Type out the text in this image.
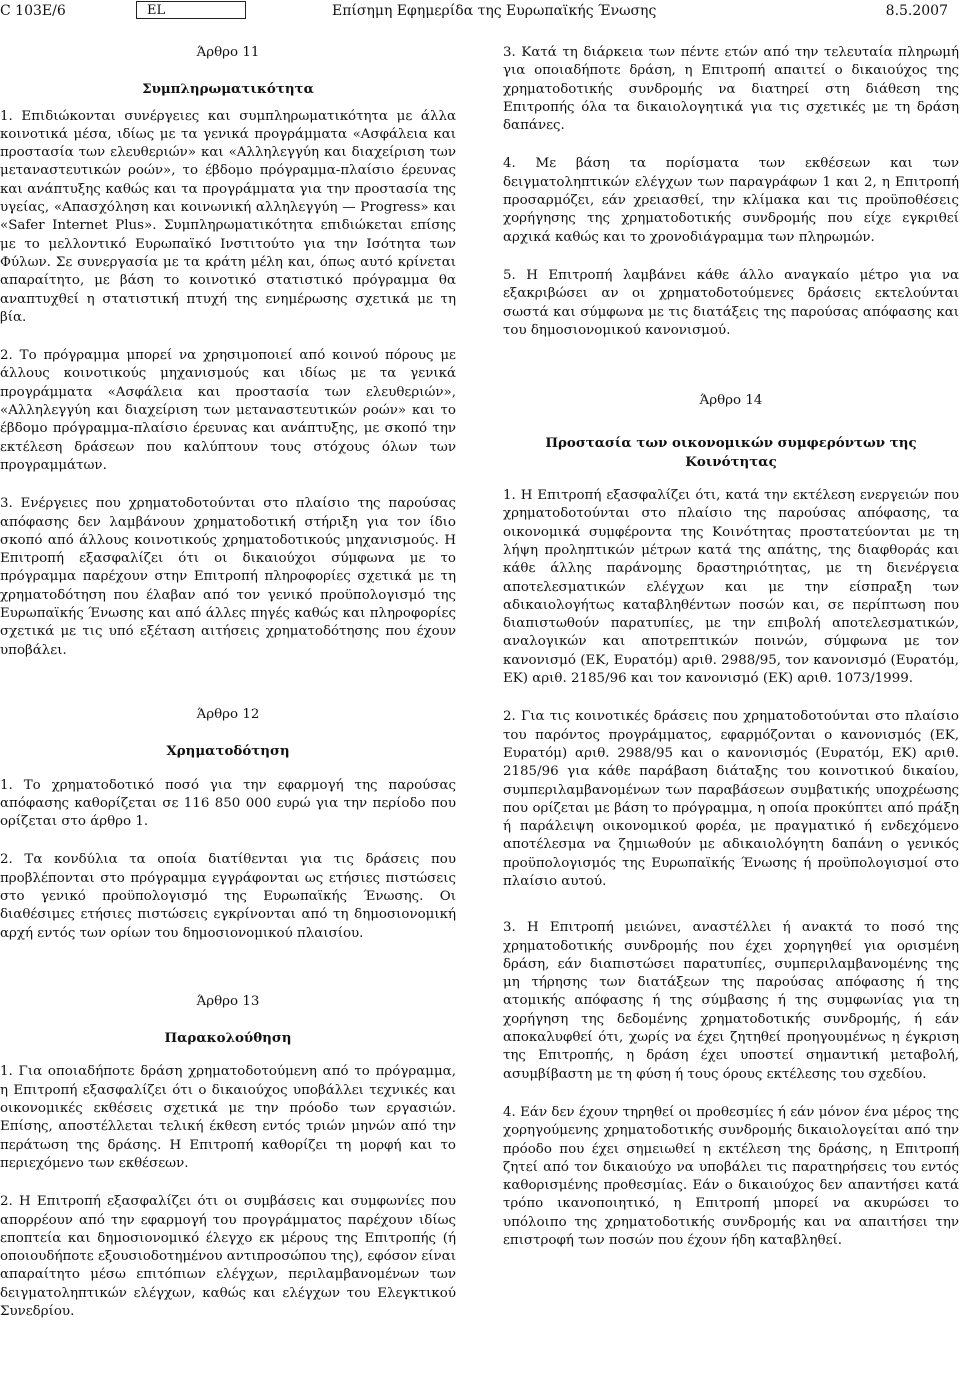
C 103E/6	EL	Επίσημη Εφημερίδα της Ευρωπαϊκής Ένωσης	8.5.2007

Άρθρο 11

Συμπληρωματικότητα

1. Επιδιώκονται συνέργειες και συμπληρωματικότητα με άλλα κοινοτικά μέσα, ιδίως με τα γενικά προγράμματα «Ασφάλεια και προστασία των ελευθεριών» και «Αλληλεγγύη και διαχείριση των μεταναστευτικών ροών», το έβδομο πρόγραμμα-πλαίσιο έρευνας και ανάπτυξης καθώς και τα προγράμματα για την προστασία της υγείας, «Απασχόληση και κοινωνική αλληλεγγύη — Progress» και «Safer Internet Plus». Συμπληρωματικότητα επιδιώκεται επίσης με το μελλοντικό Ευρωπαϊκό Ινστιτούτο για την Ισότητα των Φύλων. Σε συνεργασία με τα κράτη μέλη και, όπως αυτό κρίνεται απαραίτητο, με βάση το κοινοτικό στατιστικό πρόγραμμα θα αναπτυχθεί η στατιστική πτυχή της ενημέρωσης σχετικά με τη βία.

2. Το πρόγραμμα μπορεί να χρησιμοποιεί από κοινού πόρους με άλλους κοινοτικούς μηχανισμούς και ιδίως με τα γενικά προγράμματα «Ασφάλεια και προστασία των ελευθεριών», «Αλληλεγγύη και διαχείριση των μεταναστευτικών ροών» και το έβδομο πρόγραμμα-πλαίσιο έρευνας και ανάπτυξης, με σκοπό την εκτέλεση δράσεων που καλύπτουν τους στόχους όλων των προγραμμάτων.

3. Ενέργειες που χρηματοδοτούνται στο πλαίσιο της παρούσας απόφασης δεν λαμβάνουν χρηματοδοτική στήριξη για τον ίδιο σκοπό από άλλους κοινοτικούς χρηματοδοτικούς μηχανισμούς. Η Επιτροπή εξασφαλίζει ότι οι δικαιούχοι σύμφωνα με το πρόγραμμα παρέχουν στην Επιτροπή πληροφορίες σχετικά με τη χρηματοδότηση που έλαβαν από τον γενικό προϋπολογισμό της Ευρωπαϊκής Ένωσης και από άλλες πηγές καθώς και πληροφορίες σχετικά με τις υπό εξέταση αιτήσεις χρηματοδότησης που έχουν υποβάλει.

Άρθρο 12

Χρηματοδότηση

1. Το χρηματοδοτικό ποσό για την εφαρμογή της παρούσας απόφασης καθορίζεται σε 116 850 000 ευρώ για την περίοδο που ορίζεται στο άρθρο 1.

2. Τα κονδύλια τα οποία διατίθενται για τις δράσεις που προβλέπονται στο πρόγραμμα εγγράφονται ως ετήσιες πιστώσεις στο γενικό προϋπολογισμό της Ευρωπαϊκής Ένωσης. Οι διαθέσιμες ετήσιες πιστώσεις εγκρίνονται από τη δημοσιονομική αρχή εντός των ορίων του δημοσιονομικού πλαισίου.

Άρθρο 13

Παρακολούθηση

1. Για οποιαδήποτε δράση χρηματοδοτούμενη από το πρόγραμμα, η Επιτροπή εξασφαλίζει ότι ο δικαιούχος υποβάλλει τεχνικές και οικονομικές εκθέσεις σχετικά με την πρόοδο των εργασιών. Επίσης, αποστέλλεται τελική έκθεση εντός τριών μηνών από την περάτωση της δράσης. Η Επιτροπή καθορίζει τη μορφή και το περιεχόμενο των εκθέσεων.

2. Η Επιτροπή εξασφαλίζει ότι οι συμβάσεις και συμφωνίες που απορρέουν από την εφαρμογή του προγράμματος παρέχουν ιδίως εποπτεία και δημοσιονομικό έλεγχο εκ μέρους της Επιτροπής (ή οποιουδήποτε εξουσιοδοτημένου αντιπροσώπου της), εφόσον είναι απαραίτητο μέσω επιτόπιων ελέγχων, περιλαμβανομένων των δειγματοληπτικών ελέγχων, καθώς και ελέγχων του Ελεγκτικού Συνεδρίου.

3. Κατά τη διάρκεια των πέντε ετών από την τελευταία πληρωμή για οποιαδήποτε δράση, η Επιτροπή απαιτεί ο δικαιούχος της χρηματοδοτικής συνδρομής να διατηρεί στη διάθεση της Επιτροπής όλα τα δικαιολογητικά για τις σχετικές με τη δράση δαπάνες.

4. Με βάση τα πορίσματα των εκθέσεων και των δειγματοληπτικών ελέγχων των παραγράφων 1 και 2, η Επιτροπή προσαρμόζει, εάν χρειασθεί, την κλίμακα και τις προϋποθέσεις χορήγησης της χρηματοδοτικής συνδρομής που είχε εγκριθεί αρχικά καθώς και το χρονοδιάγραμμα των πληρωμών.

5. Η Επιτροπή λαμβάνει κάθε άλλο αναγκαίο μέτρο για να εξακριβώσει αν οι χρηματοδοτούμενες δράσεις εκτελούνται σωστά και σύμφωνα με τις διατάξεις της παρούσας απόφασης και του δημοσιονομικού κανονισμού.

Άρθρο 14

Προστασία των οικονομικών συμφερόντων της Κοινότητας

1. Η Επιτροπή εξασφαλίζει ότι, κατά την εκτέλεση ενεργειών που χρηματοδοτούνται στο πλαίσιο της παρούσας απόφασης, τα οικονομικά συμφέροντα της Κοινότητας προστατεύονται με τη λήψη προληπτικών μέτρων κατά της απάτης, της διαφθοράς και κάθε άλλης παράνομης δραστηριότητας, με τη διενέργεια αποτελεσματικών ελέγχων και με την είσπραξη των αδικαιολογήτως καταβληθέντων ποσών και, σε περίπτωση που διαπιστωθούν παρατυπίες, με την επιβολή αποτελεσματικών, αναλογικών και αποτρεπτικών ποινών, σύμφωνα με τον κανονισμό (ΕΚ, Ευρατόμ) αριθ. 2988/95, τον κανονισμό (Ευρατόμ, ΕΚ) αριθ. 2185/96 και τον κανονισμό (ΕΚ) αριθ. 1073/1999.

2. Για τις κοινοτικές δράσεις που χρηματοδοτούνται στο πλαίσιο του παρόντος προγράμματος, εφαρμόζονται ο κανονισμός (ΕΚ, Ευρατόμ) αριθ. 2988/95 και ο κανονισμός (Ευρατόμ, ΕΚ) αριθ. 2185/96 για κάθε παράβαση διάταξης του κοινοτικού δικαίου, συμπεριλαμβανομένων των παραβάσεων συμβατικής υποχρέωσης που ορίζεται με βάση το πρόγραμμα, η οποία προκύπτει από πράξη ή παράλειψη οικονομικού φορέα, με πραγματικό ή ενδεχόμενο αποτέλεσμα να ζημιωθούν με αδικαιολόγητη δαπάνη ο γενικός προϋπολογισμός της Ευρωπαϊκής Ένωσης ή προϋπολογισμοί στο πλαίσιο αυτού.

3. Η Επιτροπή μειώνει, αναστέλλει ή ανακτά το ποσό της χρηματοδοτικής συνδρομής που έχει χορηγηθεί για ορισμένη δράση, εάν διαπιστώσει παρατυπίες, συμπεριλαμβανομένης της μη τήρησης των διατάξεων της παρούσας απόφασης ή της ατομικής απόφασης ή της σύμβασης ή της συμφωνίας για τη χορήγηση της δεδομένης χρηματοδοτικής συνδρομής, ή εάν αποκαλυφθεί ότι, χωρίς να έχει ζητηθεί προηγουμένως η έγκριση της Επιτροπής, η δράση έχει υποστεί σημαντική μεταβολή, ασυμβίβαστη με τη φύση ή τους όρους εκτέλεσης του σχεδίου.

4. Εάν δεν έχουν τηρηθεί οι προθεσμίες ή εάν μόνον ένα μέρος της χορηγούμενης χρηματοδοτικής συνδρομής δικαιολογείται από την πρόοδο που έχει σημειωθεί η εκτέλεση της δράσης, η Επιτροπή ζητεί από τον δικαιούχο να υποβάλει τις παρατηρήσεις του εντός καθορισμένης προθεσμίας. Εάν ο δικαιούχος δεν απαντήσει κατά τρόπο ικανοποιητικό, η Επιτροπή μπορεί να ακυρώσει το υπόλοιπο της χρηματοδοτικής συνδρομής και να απαιτήσει την επιστροφή των ποσών που έχουν ήδη καταβληθεί.
